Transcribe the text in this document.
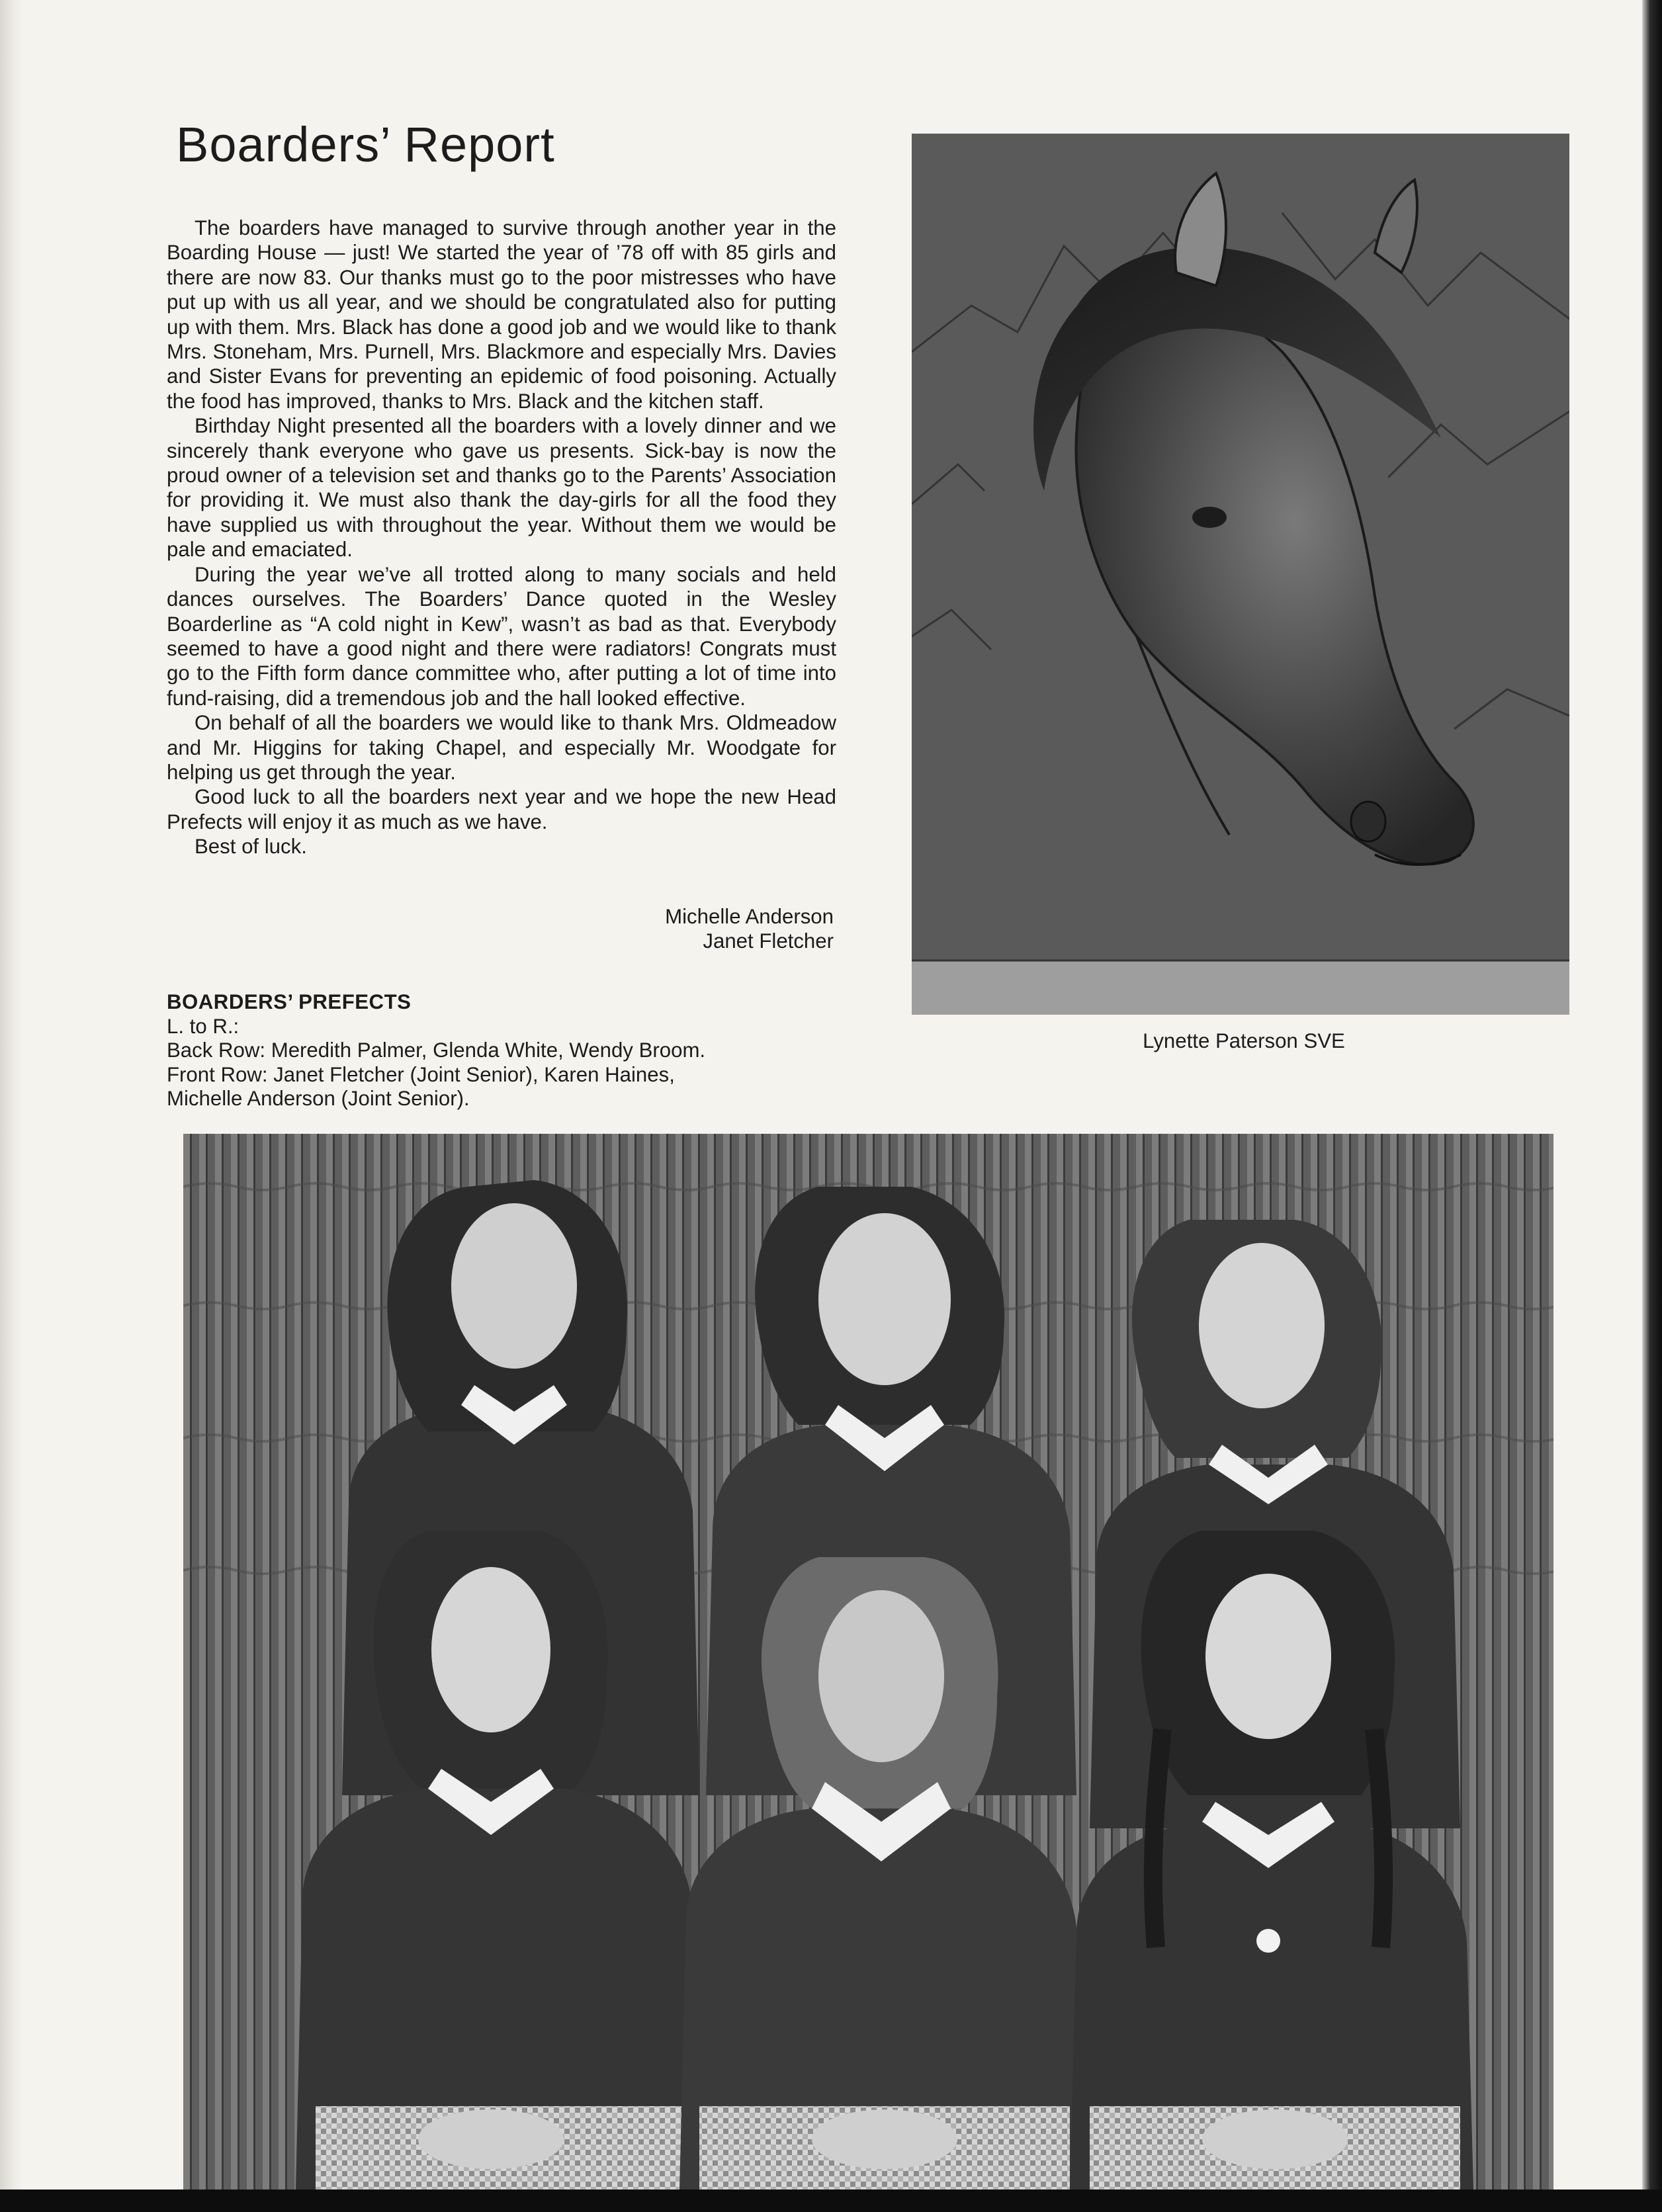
Boarders’ Report

The boarders have managed to survive through another year in the Boarding House — just! We started the year of ’78 off with 85 girls and there are now 83. Our thanks must go to the poor mistresses who have put up with us all year, and we should be congratulated also for putting up with them. Mrs. Black has done a good job and we would like to thank Mrs. Stoneham, Mrs. Purnell, Mrs. Blackmore and especially Mrs. Davies and Sister Evans for preventing an epidemic of food poisoning. Actually the food has improved, thanks to Mrs. Black and the kitchen staff.

Birthday Night presented all the boarders with a lovely dinner and we sincerely thank everyone who gave us presents. Sick-bay is now the proud owner of a television set and thanks go to the Parents’ Association for providing it. We must also thank the day-girls for all the food they have supplied us with throughout the year. Without them we would be pale and emaciated.

During the year we’ve all trotted along to many socials and held dances ourselves. The Boarders’ Dance quoted in the Wesley Boarderline as “A cold night in Kew”, wasn’t as bad as that. Everybody seemed to have a good night and there were radiators! Congrats must go to the Fifth form dance committee who, after putting a lot of time into fund-raising, did a tremendous job and the hall looked effective.

On behalf of all the boarders we would like to thank Mrs. Oldmeadow and Mr. Higgins for taking Chapel, and especially Mr. Woodgate for helping us get through the year.

Good luck to all the boarders next year and we hope the new Head Prefects will enjoy it as much as we have.

Best of luck.

Michelle Anderson
Janet Fletcher
BOARDERS’ PREFECTS
L. to R.:
Back Row: Meredith Palmer, Glenda White, Wendy Broom.
Front Row: Janet Fletcher (Joint Senior), Karen Haines,
Michelle Anderson (Joint Senior).
Lynette Paterson SVE
